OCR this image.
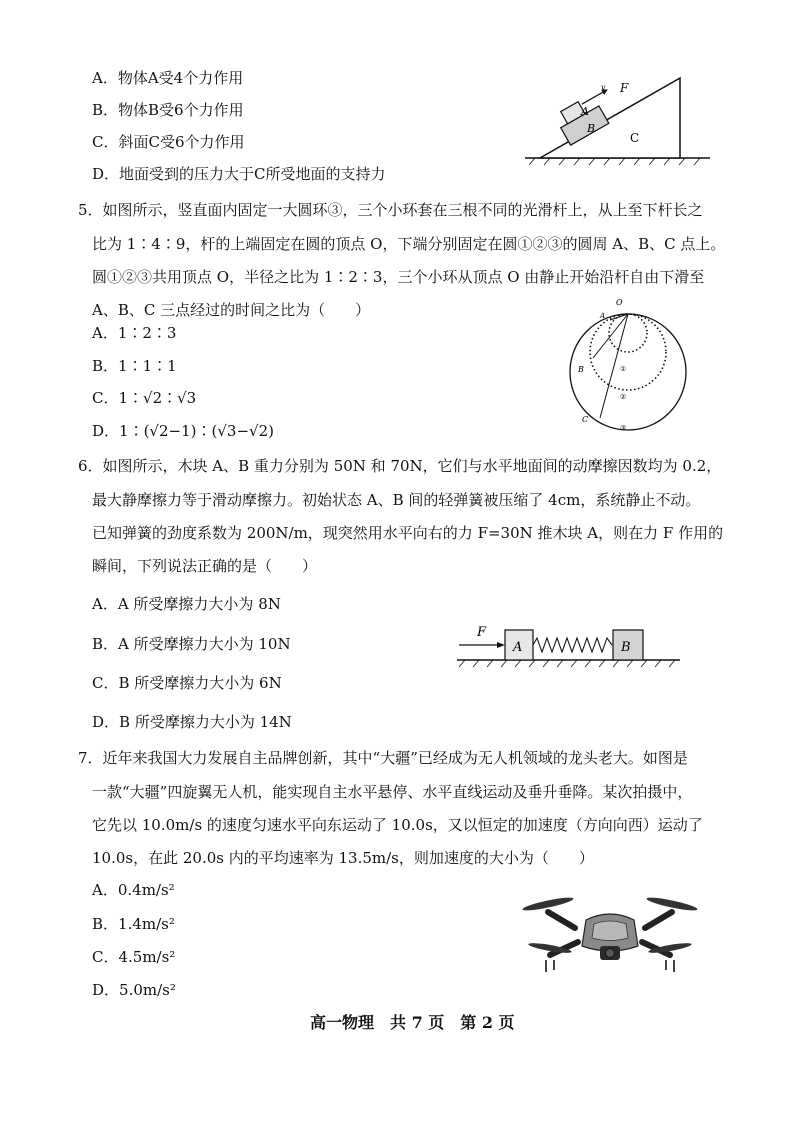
A．物体A受4个力作用
B．物体B受6个力作用
C．斜面C受6个力作用
D．地面受到的压力大于C所受地面的支持力
A
B
C
F
v
5．如图所示，竖直面内固定一大圆环③，三个小环套在三根不同的光滑杆上，从上至下杆长之
比为 1∶4∶9，杆的上端固定在圆的顶点 O，下端分别固定在圆①②③的圆周 A、B、C 点上。
圆①②③共用顶点 O，半径之比为 1∶2∶3，三个小环从顶点 O 由静止开始沿杆自由下滑至
A、B、C 三点经过的时间之比为（　　）
A．1∶2∶3
B．1∶1∶1
C．1∶√2∶√3
D．1∶(√2−1)∶(√3−√2)
O
A
B
C
①
②
③
6．如图所示，木块 A、B 重力分别为 50N 和 70N，它们与水平地面间的动摩擦因数均为 0.2，
最大静摩擦力等于滑动摩擦力。初始状态 A、B 间的轻弹簧被压缩了 4cm，系统静止不动。
已知弹簧的劲度系数为 200N/m，现突然用水平向右的力 F=30N 推木块 A，则在力 F 作用的
瞬间，下列说法正确的是（　　）
A．A 所受摩擦力大小为 8N
B．A 所受摩擦力大小为 10N
C．B 所受摩擦力大小为 6N
D．B 所受摩擦力大小为 14N
F
A	B
7．近年来我国大力发展自主品牌创新，其中“大疆”已经成为无人机领域的龙头老大。如图是
一款“大疆”四旋翼无人机，能实现自主水平悬停、水平直线运动及垂升垂降。某次拍摄中，
它先以 10.0m/s 的速度匀速水平向东运动了 10.0s，又以恒定的加速度（方向向西）运动了
10.0s，在此 20.0s 内的平均速率为 13.5m/s，则加速度的大小为（　　）
A．0.4m/s²
B．1.4m/s²
C．4.5m/s²
D．5.0m/s²
高一物理　共 7 页　第 2 页
